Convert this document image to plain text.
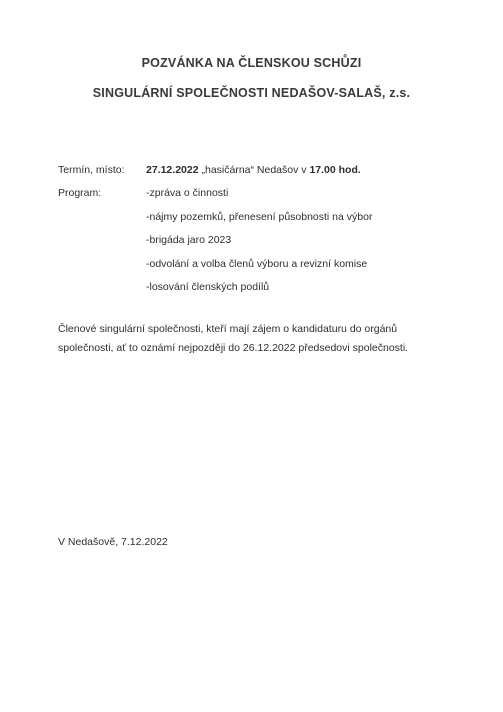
POZVÁNKA NA ČLENSKOU SCHŮZI
SINGULÁRNÍ SPOLEČNOSTI NEDAŠOV-SALAŠ, z.s.
Termín, místo: 27.12.2022 „hasičárna“ Nedašov v 17.00 hod.
Program:	-zpráva o činnosti
-nájmy pozemků, přenesení působnosti na výbor
-brigáda jaro 2023
-odvolání a volba členů výboru a revizní komise
-losování členských podílů
Členové singulární společnosti, kteří mají zájem o kandidaturu do orgánů
společnosti, ať to oznámí nejpozději do 26.12.2022 předsedovi společnosti.
V Nedašově, 7.12.2022
